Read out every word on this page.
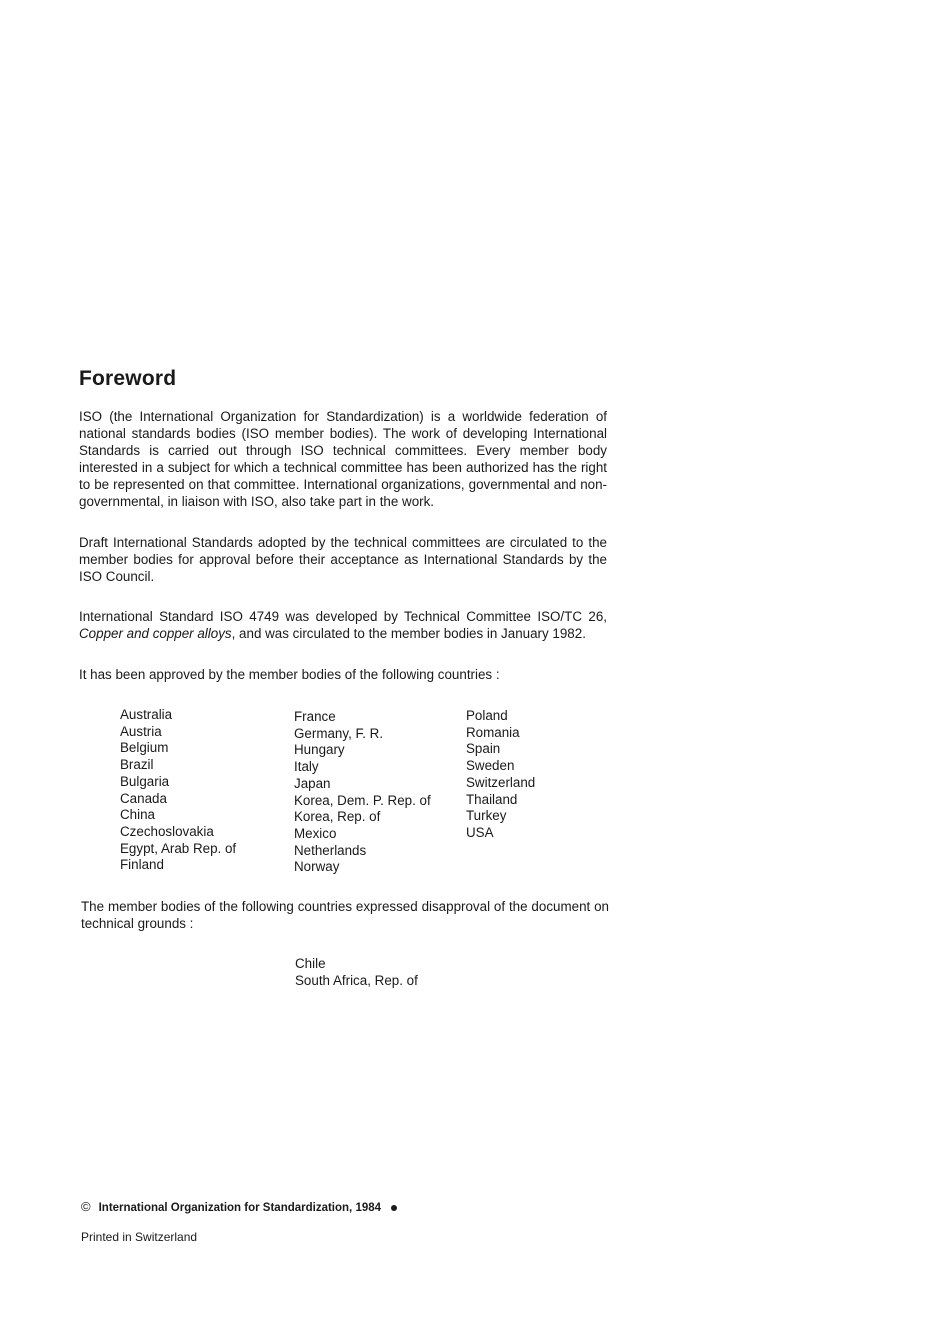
Foreword

ISO (the International Organization for Standardization) is a worldwide federation of national standards bodies (ISO member bodies). The work of developing International Standards is carried out through ISO technical committees. Every member body interested in a subject for which a technical committee has been authorized has the right to be represented on that committee. International organizations, governmental and non-governmental, in liaison with ISO, also take part in the work.

Draft International Standards adopted by the technical committees are circulated to the member bodies for approval before their acceptance as International Standards by the ISO Council.

International Standard ISO 4749 was developed by Technical Committee ISO/TC 26, Copper and copper alloys, and was circulated to the member bodies in January 1982.

It has been approved by the member bodies of the following countries :

Australia
Austria
Belgium
Brazil
Bulgaria
Canada
China
Czechoslovakia
Egypt, Arab Rep. of
Finland
France
Germany, F. R.
Hungary
Italy
Japan
Korea, Dem. P. Rep. of
Korea, Rep. of
Mexico
Netherlands
Norway
Poland
Romania
Spain
Sweden
Switzerland
Thailand
Turkey
USA

The member bodies of the following countries expressed disapproval of the document on technical grounds :

Chile
South Africa, Rep. of

© International Organization for Standardization, 1984

Printed in Switzerland
